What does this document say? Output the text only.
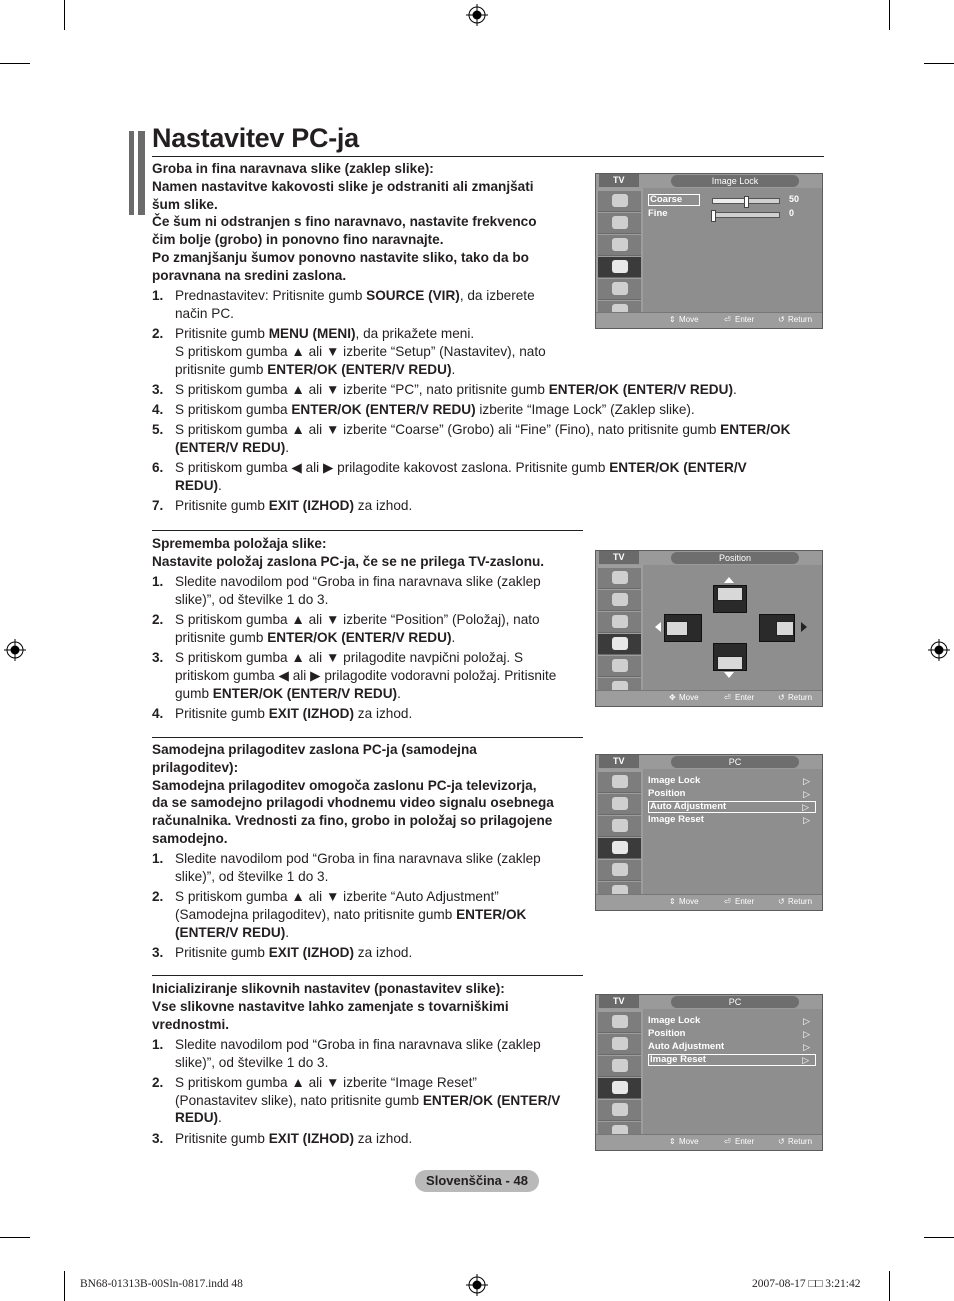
Nastavitev PC-ja
Groba in fina naravnava slike (zaklep slike):
Namen nastavitve kakovosti slike je odstraniti ali zmanjšati
šum slike.
Če šum ni odstranjen s fino naravnavo, nastavite frekvenco
čim bolje (grobo) in ponovno fino naravnajte.
Po zmanjšanju šumov ponovno nastavite sliko, tako da bo
poravnana na sredini zaslona.
1. Prednastavitev: Pritisnite gumb SOURCE (VIR), da izberete
način PC.
2. Pritisnite gumb MENU (MENI), da prikažete meni.
S pritiskom gumba ▲ ali ▼ izberite “Setup” (Nastavitev), nato
pritisnite gumb ENTER/OK (ENTER/V REDU).
3. S pritiskom gumba ▲ ali ▼ izberite “PC”, nato pritisnite gumb ENTER/OK (ENTER/V REDU).
4. S pritiskom gumba ENTER/OK (ENTER/V REDU) izberite “Image Lock” (Zaklep slike).
5. S pritiskom gumba ▲ ali ▼ izberite “Coarse” (Grobo) ali “Fine” (Fino), nato pritisnite gumb ENTER/OK
(ENTER/V REDU).
6. S pritiskom gumba ◀ ali ▶ prilagodite kakovost zaslona. Pritisnite gumb ENTER/OK (ENTER/V
REDU).
7. Pritisnite gumb EXIT (IZHOD) za izhod.
Sprememba položaja slike:
Nastavite položaj zaslona PC-ja, če se ne prilega TV-zaslonu.
1. Sledite navodilom pod “Groba in fina naravnava slike (zaklep
slike)”, od številke 1 do 3.
2. S pritiskom gumba ▲ ali ▼ izberite “Position” (Položaj), nato
pritisnite gumb ENTER/OK (ENTER/V REDU).
3. S pritiskom gumba ▲ ali ▼ prilagodite navpični položaj. S
pritiskom gumba ◀ ali ▶ prilagodite vodoravni položaj. Pritisnite
gumb ENTER/OK (ENTER/V REDU).
4. Pritisnite gumb EXIT (IZHOD) za izhod.
Samodejna prilagoditev zaslona PC-ja (samodejna
prilagoditev):
Samodejna prilagoditev omogoča zaslonu PC-ja televizorja,
da se samodejno prilagodi vhodnemu video signalu osebnega
računalnika. Vrednosti za fino, grobo in položaj so prilagojene
samodejno.
1. Sledite navodilom pod “Groba in fina naravnava slike (zaklep
slike)”, od številke 1 do 3.
2. S pritiskom gumba ▲ ali ▼ izberite “Auto Adjustment”
(Samodejna prilagoditev), nato pritisnite gumb ENTER/OK
(ENTER/V REDU).
3. Pritisnite gumb EXIT (IZHOD) za izhod.
Inicializiranje slikovnih nastavitev (ponastavitev slike):
Vse slikovne nastavitve lahko zamenjate s tovarniškimi
vrednostmi.
1. Sledite navodilom pod “Groba in fina naravnava slike (zaklep
slike)”, od številke 1 do 3.
2. S pritiskom gumba ▲ ali ▼ izberite “Image Reset”
(Ponastavitev slike), nato pritisnite gumb ENTER/OK (ENTER/V
REDU).
3. Pritisnite gumb EXIT (IZHOD) za izhod.
TV	Image Lock
Coarse	50
Fine	0
⇕ Move	⏎ Enter	↺ Return
TV	Position
✥ Move	⏎ Enter	↺ Return
TV	PC
Image Lock	▷
Position	▷
Auto Adjustment	▷
Image Reset	▷
⇕ Move	⏎ Enter	↺ Return
TV	PC
Image Lock	▷
Position	▷
Auto Adjustment	▷
Image Reset	▷
⇕ Move	⏎ Enter	↺ Return
Slovenščina - 48
BN68-01313B-00Sln-0817.indd 48	2007-08-17 □□ 3:21:42
